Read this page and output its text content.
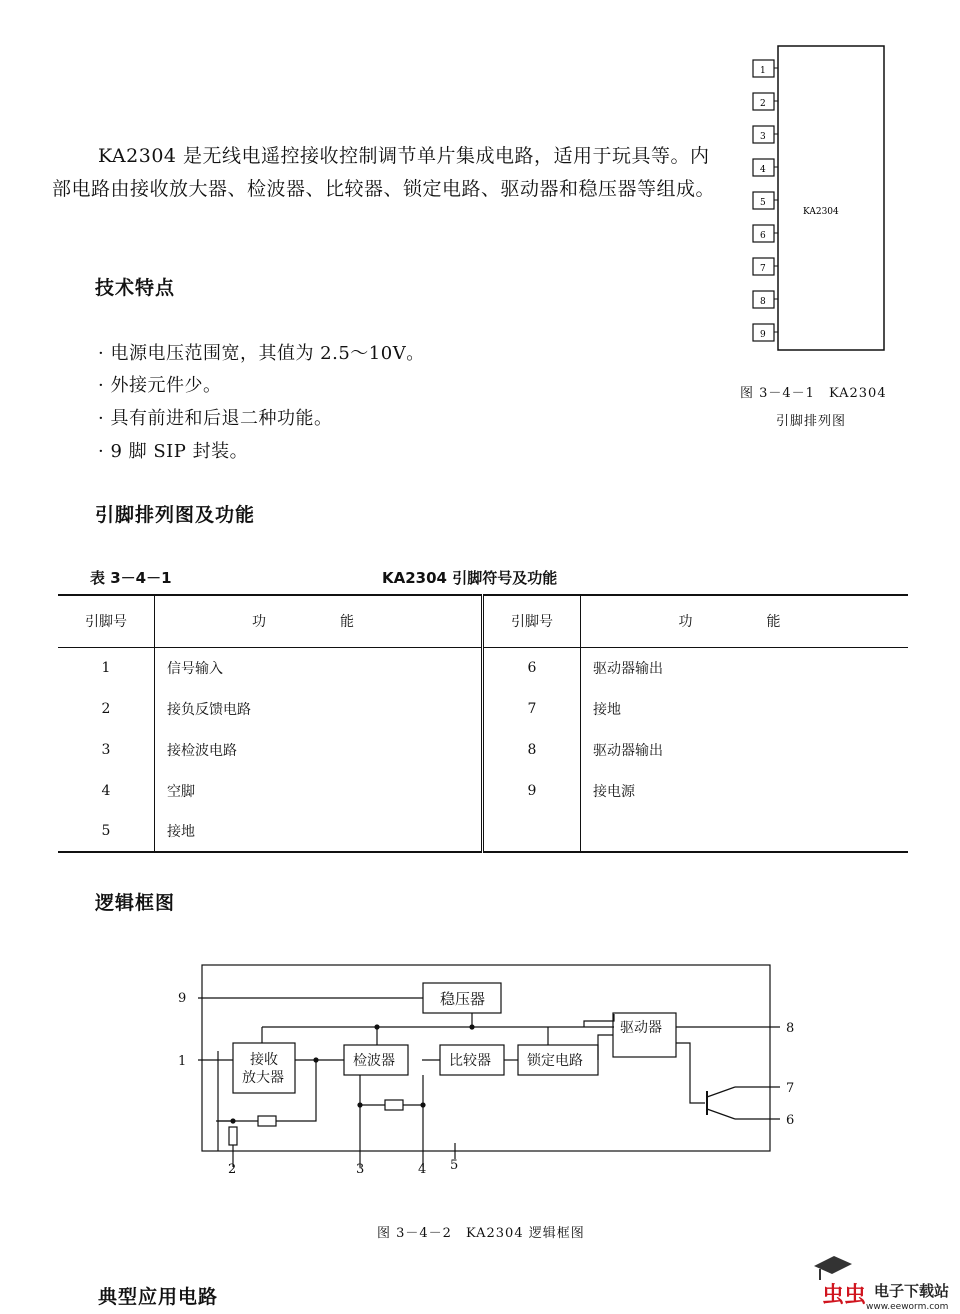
KA2304 是无线电遥控接收控制调节单片集成电路，适用于玩具等。内部电路由接收放大器、检波器、比较器、锁定电路、驱动器和稳压器等组成。
KA2304
1
2
3
4
5
6
7
8
9
图 3－4－1　KA2304
引脚排列图
技术特点
· 电源电压范围宽，其值为 2.5～10V。
· 外接元件少。
· 具有前进和后退二种功能。
· 9 脚 SIP 封装。
引脚排列图及功能
表 3－4－1	KA2304 引脚符号及功能
引脚号	功　能	引脚号	功　能
1	信号输入	6	驱动器输出
2	接负反馈电路	7	接地
3	接检波电路	8	驱动器输出
4	空脚	9	接电源
5	接地		
逻辑框图
9
1
2	3	4 5
6
7
8
稳压器
接收
放大器
检波器	比较器	锁定电路
驱动器
图 3－4－2　KA2304 逻辑框图
典型应用电路	虫虫 电子下载站
www.eeworm.com
